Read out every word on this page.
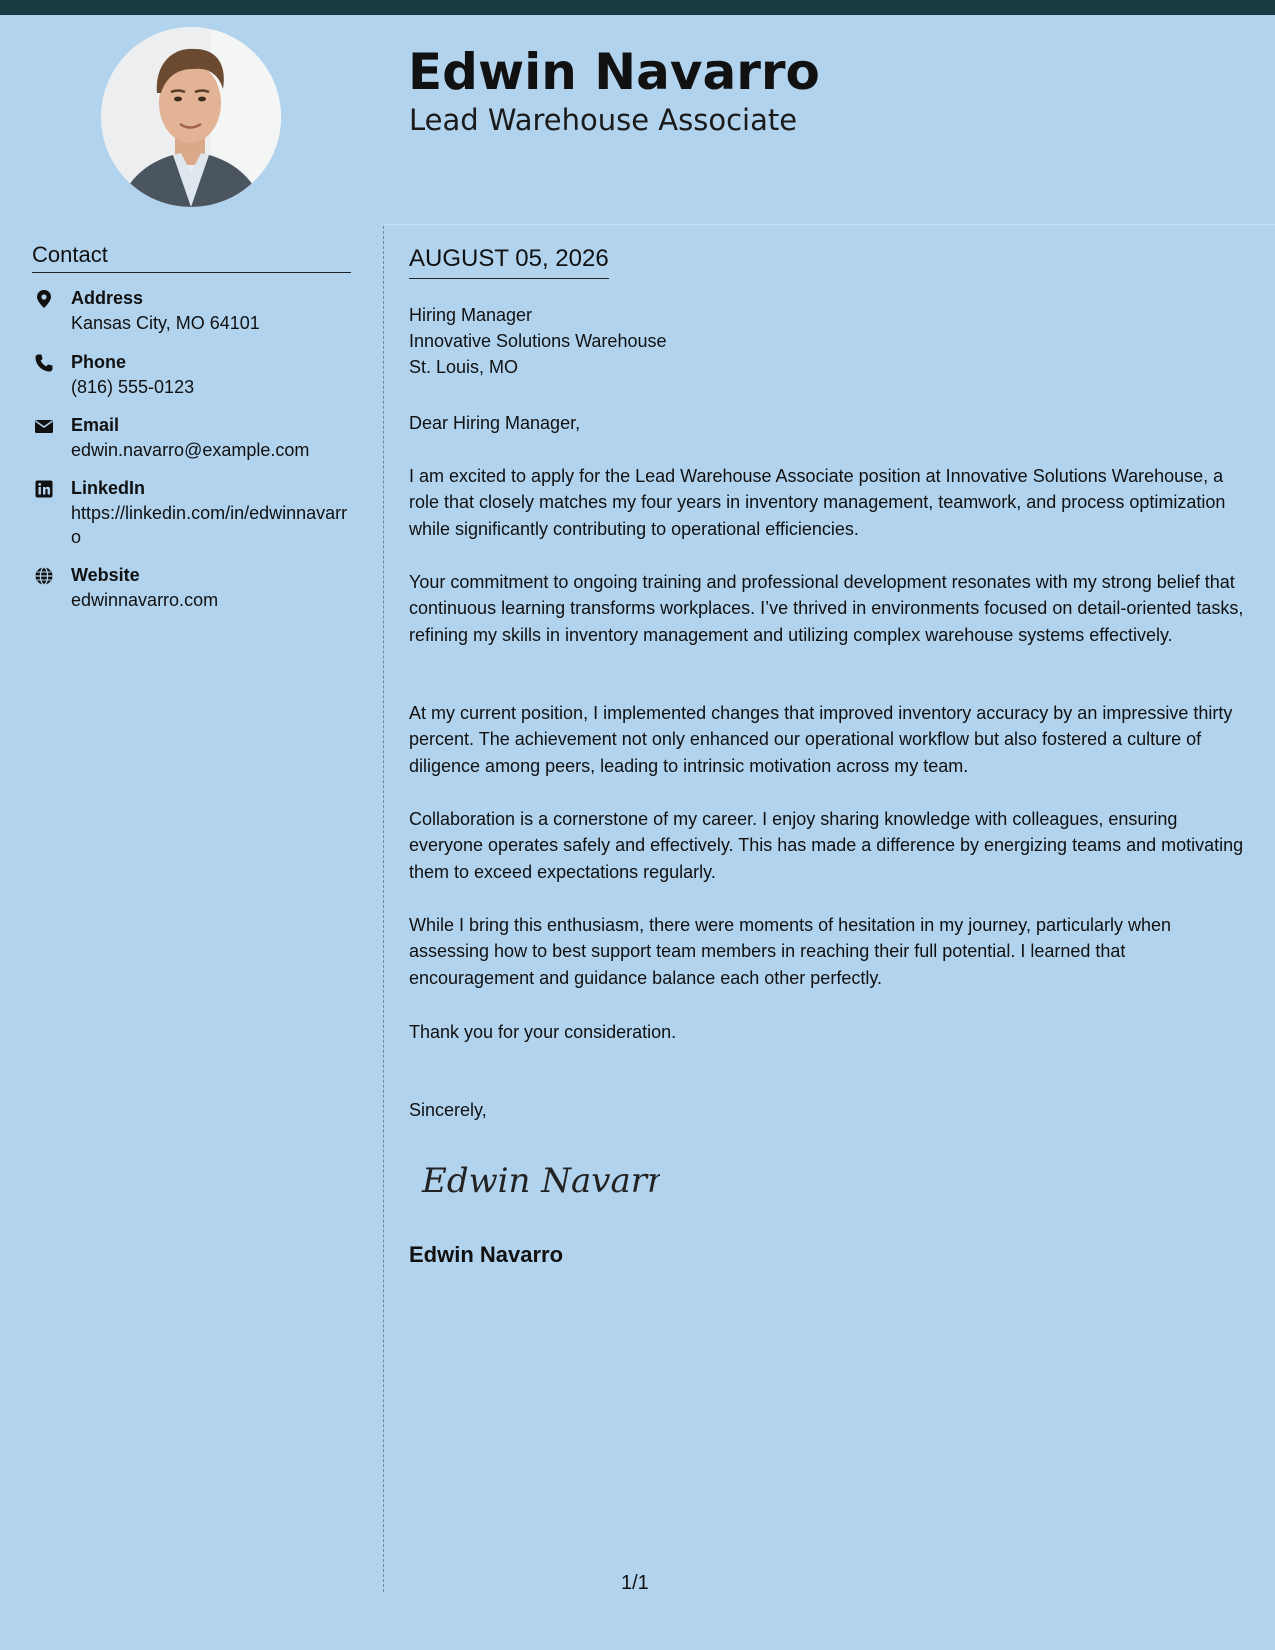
Edwin Navarro
Lead Warehouse Associate
Contact
Address
Kansas City, MO 64101
Phone
(816) 555-0123
Email
edwin.navarro@example.com
LinkedIn
https://linkedin.com/in/edwinnavarro
Website
edwinnavarro.com
AUGUST 05, 2026
Hiring Manager
Innovative Solutions Warehouse
St. Louis, MO
Dear Hiring Manager,

I am excited to apply for the Lead Warehouse Associate position at Innovative Solutions Warehouse, a role that closely matches my four years in inventory management, teamwork, and process optimization while significantly contributing to operational efficiencies.

Your commitment to ongoing training and professional development resonates with my strong belief that continuous learning transforms workplaces. I’ve thrived in environments focused on detail-oriented tasks, refining my skills in inventory management and utilizing complex warehouse systems effectively.

At my current position, I implemented changes that improved inventory accuracy by an impressive thirty percent. The achievement not only enhanced our operational workflow but also fostered a culture of diligence among peers, leading to intrinsic motivation across my team.

Collaboration is a cornerstone of my career. I enjoy sharing knowledge with colleagues, ensuring everyone operates safely and effectively. This has made a difference by energizing teams and motivating them to exceed expectations regularly.

While I bring this enthusiasm, there were moments of hesitation in my journey, particularly when assessing how to best support team members in reaching their full potential. I learned that encouragement and guidance balance each other perfectly.

Thank you for your consideration.
Sincerely,
Edwin Navarro
Edwin Navarro
1/1
